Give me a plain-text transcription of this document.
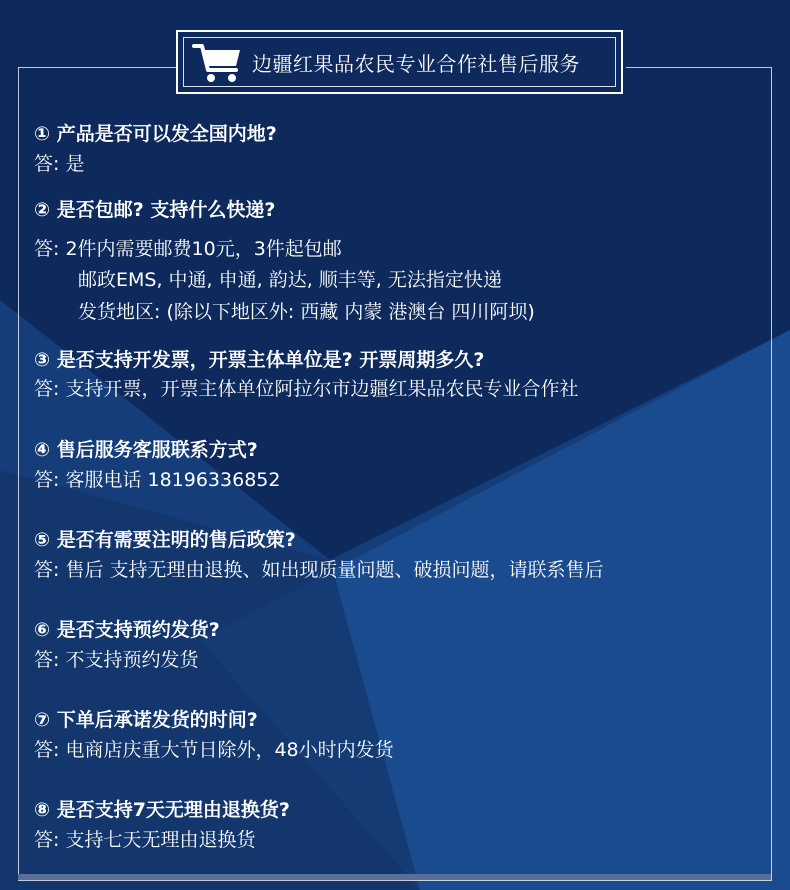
边疆红果品农民专业合作社售后服务
① 产品是否可以发全国内地?
答: 是
② 是否包邮? 支持什么快递?
答: 2件内需要邮费10元，3件起包邮
邮政EMS, 中通, 申通, 韵达, 顺丰等, 无法指定快递
发货地区: (除以下地区外: 西藏 内蒙 港澳台 四川阿坝)
③ 是否支持开发票，开票主体单位是? 开票周期多久?
答: 支持开票，开票主体单位阿拉尔市边疆红果品农民专业合作社
④ 售后服务客服联系方式?
答: 客服电话 18196336852
⑤ 是否有需要注明的售后政策?
答: 售后 支持无理由退换、如出现质量问题、破损问题，请联系售后
⑥ 是否支持预约发货?
答: 不支持预约发货
⑦ 下单后承诺发货的时间?
答: 电商店庆重大节日除外，48小时内发货
⑧ 是否支持7天无理由退换货?
答: 支持七天无理由退换货
